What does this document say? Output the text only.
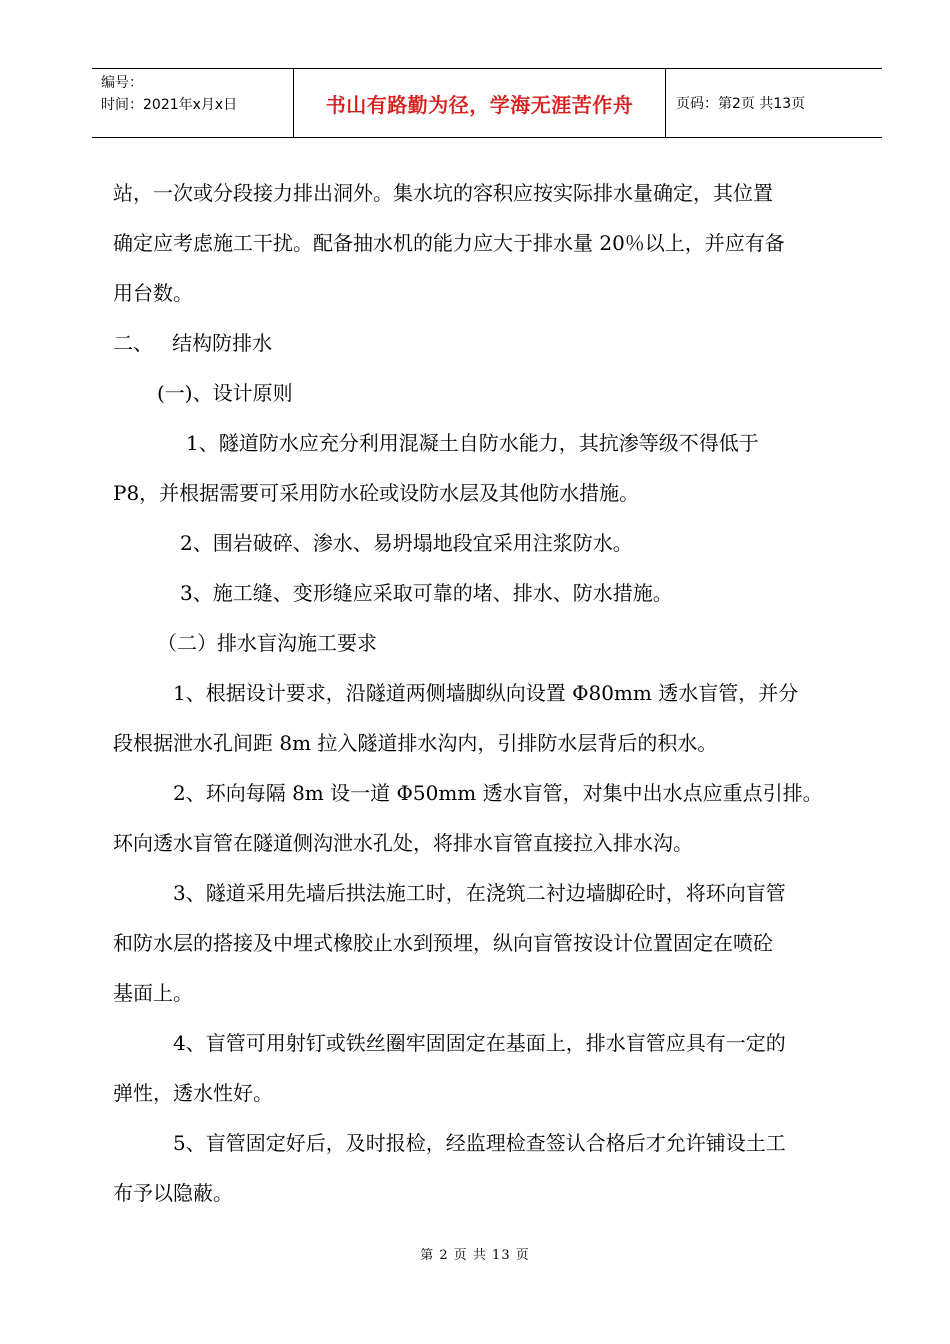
编号：
时间：2021年x月x日	书山有路勤为径，学海无涯苦作舟	页码：第2页 共13页

站，一次或分段接力排出洞外。集水坑的容积应按实际排水量确定，其位置
确定应考虑施工干扰。配备抽水机的能力应大于排水量 20％以上，并应有备
用台数。

二、   结构防排水

(一)、设计原则

1、隧道防水应充分利用混凝土自防水能力，其抗渗等级不得低于
P8，并根据需要可采用防水砼或设防水层及其他防水措施。

2、围岩破碎、渗水、易坍塌地段宜采用注浆防水。

3、施工缝、变形缝应采取可靠的堵、排水、防水措施。

（二）排水盲沟施工要求

1、根据设计要求，沿隧道两侧墙脚纵向设置 Φ80mm 透水盲管，并分
段根据泄水孔间距 8m 拉入隧道排水沟内，引排防水层背后的积水。

2、环向每隔 8m 设一道 Φ50mm 透水盲管，对集中出水点应重点引排。
环向透水盲管在隧道侧沟泄水孔处，将排水盲管直接拉入排水沟。

3、隧道采用先墙后拱法施工时，在浇筑二衬边墙脚砼时，将环向盲管
和防水层的搭接及中埋式橡胶止水到预埋，纵向盲管按设计位置固定在喷砼
基面上。

4、盲管可用射钉或铁丝圈牢固固定在基面上，排水盲管应具有一定的
弹性，透水性好。

5、盲管固定好后，及时报检，经监理检查签认合格后才允许铺设土工
布予以隐蔽。

第 2 页 共 13 页
